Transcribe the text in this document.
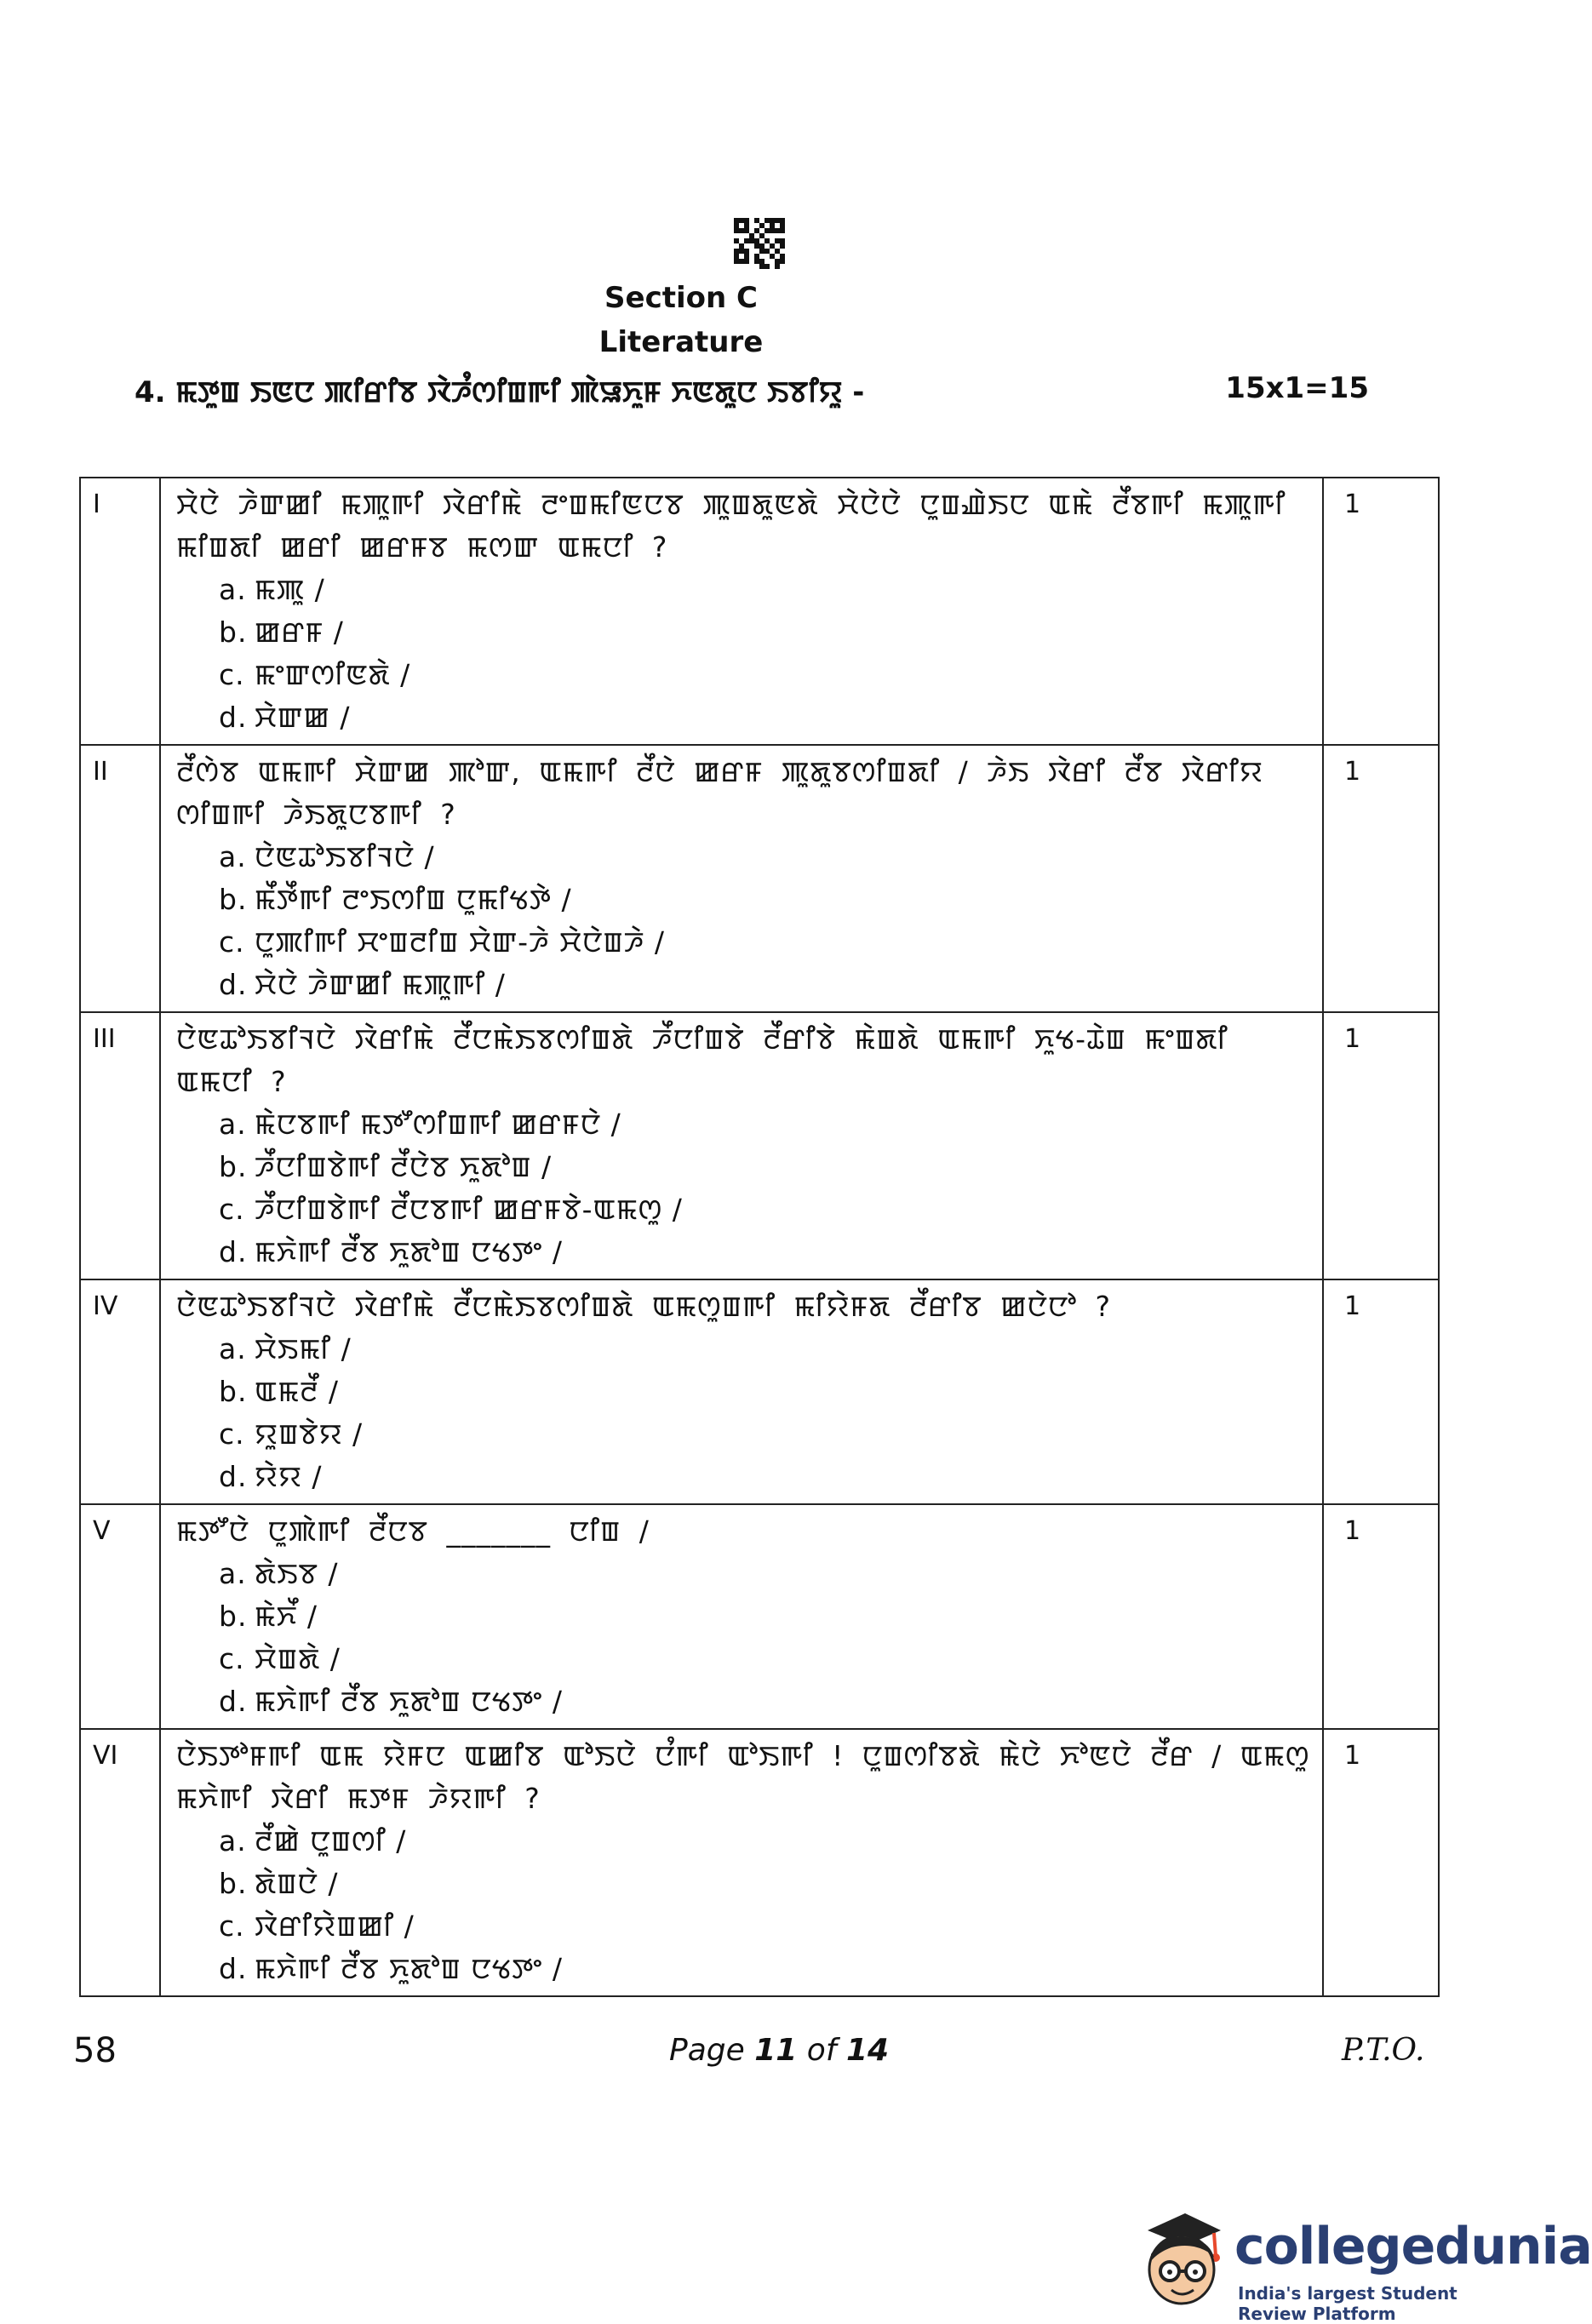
Section C
Literature
4. ꯃꯇꯨꯡ ꯏꯟꯅ ꯄꯤꯔꯤꯕ ꯋꯥꯍꯪꯁꯤꯡꯒꯤ ꯄꯥꯎꯈꯨꯝ ꯈꯟꯗꯨꯅ ꯏꯕꯤꯌꯨ -	15x1=15
I	ꯆꯥꯅꯥ ꯍꯥꯛꯀꯤ ꯃꯄꯨꯒꯤ ꯋꯥꯔꯤꯃꯥ ꯂꯦꯡꯃꯤꯟꯅꯕ ꯄꯨꯡꯗꯨꯟꯗꯥ ꯆꯥꯅꯥꯅꯥ ꯅꯨꯡꯉꯥꯏꯅ ꯑꯃꯥ ꯂꯩꯕꯒꯤ ꯃꯄꯨꯒꯤ ꯃꯤꯡꯗꯤ ꯀꯔꯤ ꯀꯔꯝꯕ ꯃꯁꯛ ꯑꯃꯅꯤ ?
a. ꯃꯄꯨ /
b. ꯀꯔꯝ /
c. ꯃꯦꯛꯁꯤꯟꯗꯥ /
d. ꯆꯥꯛꯀ /	1
II	ꯂꯩꯁꯥꯕ ꯑꯃꯒꯤ ꯆꯥꯛꯀ ꯄꯣꯛ, ꯑꯃꯒꯤ ꯂꯩꯅꯥ ꯀꯔꯝ ꯄꯨꯗꯨꯕꯁꯤꯡꯗꯤ / ꯍꯥꯏ ꯋꯥꯔꯤ ꯂꯩꯕ ꯋꯥꯔꯤꯌ ꯁꯤꯡꯒꯤ ꯍꯥꯏꯗꯨꯅꯕꯒꯤ ?
a. ꯅꯥꯟꯊꯣꯏꯕꯤꯜꯅꯥ /
b. ꯃꯩꯇꯩꯒꯤ ꯂꯦꯏꯁꯤꯡ ꯅꯨꯃꯤꯠꯇꯥ /
c. ꯅꯨꯄꯤꯒꯤ ꯆꯦꯡꯂꯤꯡ ꯆꯥꯛ-ꯍꯥ ꯆꯥꯅꯥꯡꯍꯥ /
d. ꯆꯥꯅꯥ ꯍꯥꯛꯀꯤ ꯃꯄꯨꯒꯤ /	1
III	ꯅꯥꯟꯊꯣꯏꯕꯤꯜꯅꯥ ꯋꯥꯔꯤꯃꯥ ꯂꯩꯅꯃꯥꯏꯕꯁꯤꯡꯗꯥ ꯍꯩꯅꯤꯡꯕꯥ ꯂꯩꯔꯤꯕꯥ ꯃꯥꯡꯗꯥ ꯑꯃꯒꯤ ꯈꯨꯠ-ꯊꯥꯡ ꯃꯦꯡꯗꯤ ꯑꯃꯅꯤ ?
a. ꯃꯥꯅꯕꯒꯤ ꯃꯇꯧꯁꯤꯡꯒꯤ ꯀꯔꯝꯅꯥ /
b. ꯍꯩꯅꯤꯡꯕꯥꯒꯤ ꯂꯩꯅꯥꯕ ꯈꯨꯗꯣꯡ /
c. ꯍꯩꯅꯤꯡꯕꯥꯒꯤ ꯂꯩꯅꯕꯒꯤ ꯀꯔꯝꯕꯥ-ꯑꯃꯁꯨ /
d. ꯃꯈꯥꯒꯤ ꯂꯩꯕ ꯈꯨꯗꯣꯡ ꯅꯠꯇꯦ /	1
IV	ꯅꯥꯟꯊꯣꯏꯕꯤꯜꯅꯥ ꯋꯥꯔꯤꯃꯥ ꯂꯩꯅꯃꯥꯏꯕꯁꯤꯡꯗꯥ ꯑꯃꯁꯨꯡꯒꯤ ꯃꯤꯌꯥꯝꯗ ꯂꯩꯔꯤꯕ ꯀꯅꯥꯅꯣ ?
a. ꯆꯥꯏꯃꯤ /
b. ꯑꯃꯂꯩ /
c. ꯌꯨꯡꯕꯥꯌ /
d. ꯌꯥꯌ /	1
V	ꯃꯇꯧꯅꯥ ꯅꯨꯄꯥꯒꯤ ꯂꯩꯅꯕ _______ ꯅꯤꯡ /
a. ꯗꯥꯏꯕ /
b. ꯃꯥꯈꯩ /
c. ꯆꯥꯡꯗꯥ /
d. ꯃꯈꯥꯒꯤ ꯂꯩꯕ ꯈꯨꯗꯣꯡ ꯅꯠꯇꯦ /	1
VI	ꯅꯥꯏꯇꯣꯝꯒꯤ ꯑꯃ ꯌꯥꯝꯅ ꯑꯀꯤꯕ ꯑꯣꯏꯅꯥ ꯅꯪꯒꯤ ꯑꯣꯏꯒꯤ ! ꯅꯨꯡꯁꯤꯕꯗꯥ ꯃꯥꯅꯥ ꯈꯣꯟꯅꯥ ꯂꯩꯔ / ꯑꯃꯁꯨ ꯃꯈꯥꯒꯤ ꯋꯥꯔꯤ ꯃꯇꯝ ꯍꯥꯌꯒꯤ ?
a. ꯂꯩꯀꯥ ꯅꯨꯡꯁꯤ /
b. ꯗꯥꯡꯅꯥ /
c. ꯋꯥꯔꯤꯌꯥꯡꯀꯤ /
d. ꯃꯈꯥꯒꯤ ꯂꯩꯕ ꯈꯨꯗꯣꯡ ꯅꯠꯇꯦ /	1
58	Page 11 of 14	P.T.O.
collegedunia
India's largest Student Review Platform
